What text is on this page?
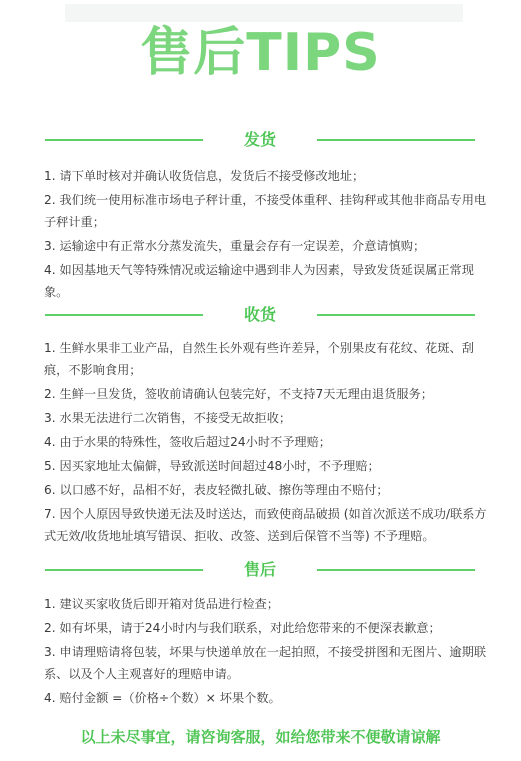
售后TIPS
发货
1. 请下单时核对并确认收货信息，发货后不接受修改地址；
2. 我们统一使用标准市场电子秤计重，不接受体重秤、挂钩秤或其他非商品专用电子秤计重；
3. 运输途中有正常水分蒸发流失，重量会存有一定误差，介意请慎购；
4. 如因基地天气等特殊情况或运输途中遇到非人为因素，导致发货延误属正常现象。
收货
1. 生鲜水果非工业产品，自然生长外观有些许差异，个别果皮有花纹、花斑、刮痕，不影响食用；
2. 生鲜一旦发货，签收前请确认包装完好，不支持7天无理由退货服务；
3. 水果无法进行二次销售，不接受无故拒收；
4. 由于水果的特殊性，签收后超过24小时不予理赔；
5. 因买家地址太偏僻，导致派送时间超过48小时，不予理赔；
6. 以口感不好，品相不好，表皮轻微扎破、擦伤等理由不赔付；
7. 因个人原因导致快递无法及时送达，而致使商品破损 (如首次派送不成功/联系方式无效/收货地址填写错误、拒收、改签、送到后保管不当等) 不予理赔。
售后
1. 建议买家收货后即开箱对货品进行检查；
2. 如有坏果，请于24小时内与我们联系，对此给您带来的不便深表歉意；
3. 申请理赔请将包装，坏果与快递单放在一起拍照，不接受拼图和无图片、逾期联系、以及个人主观喜好的理赔申请。
4. 赔付金额 =（价格÷个数）× 坏果个数。
以上未尽事宜，请咨询客服，如给您带来不便敬请谅解
